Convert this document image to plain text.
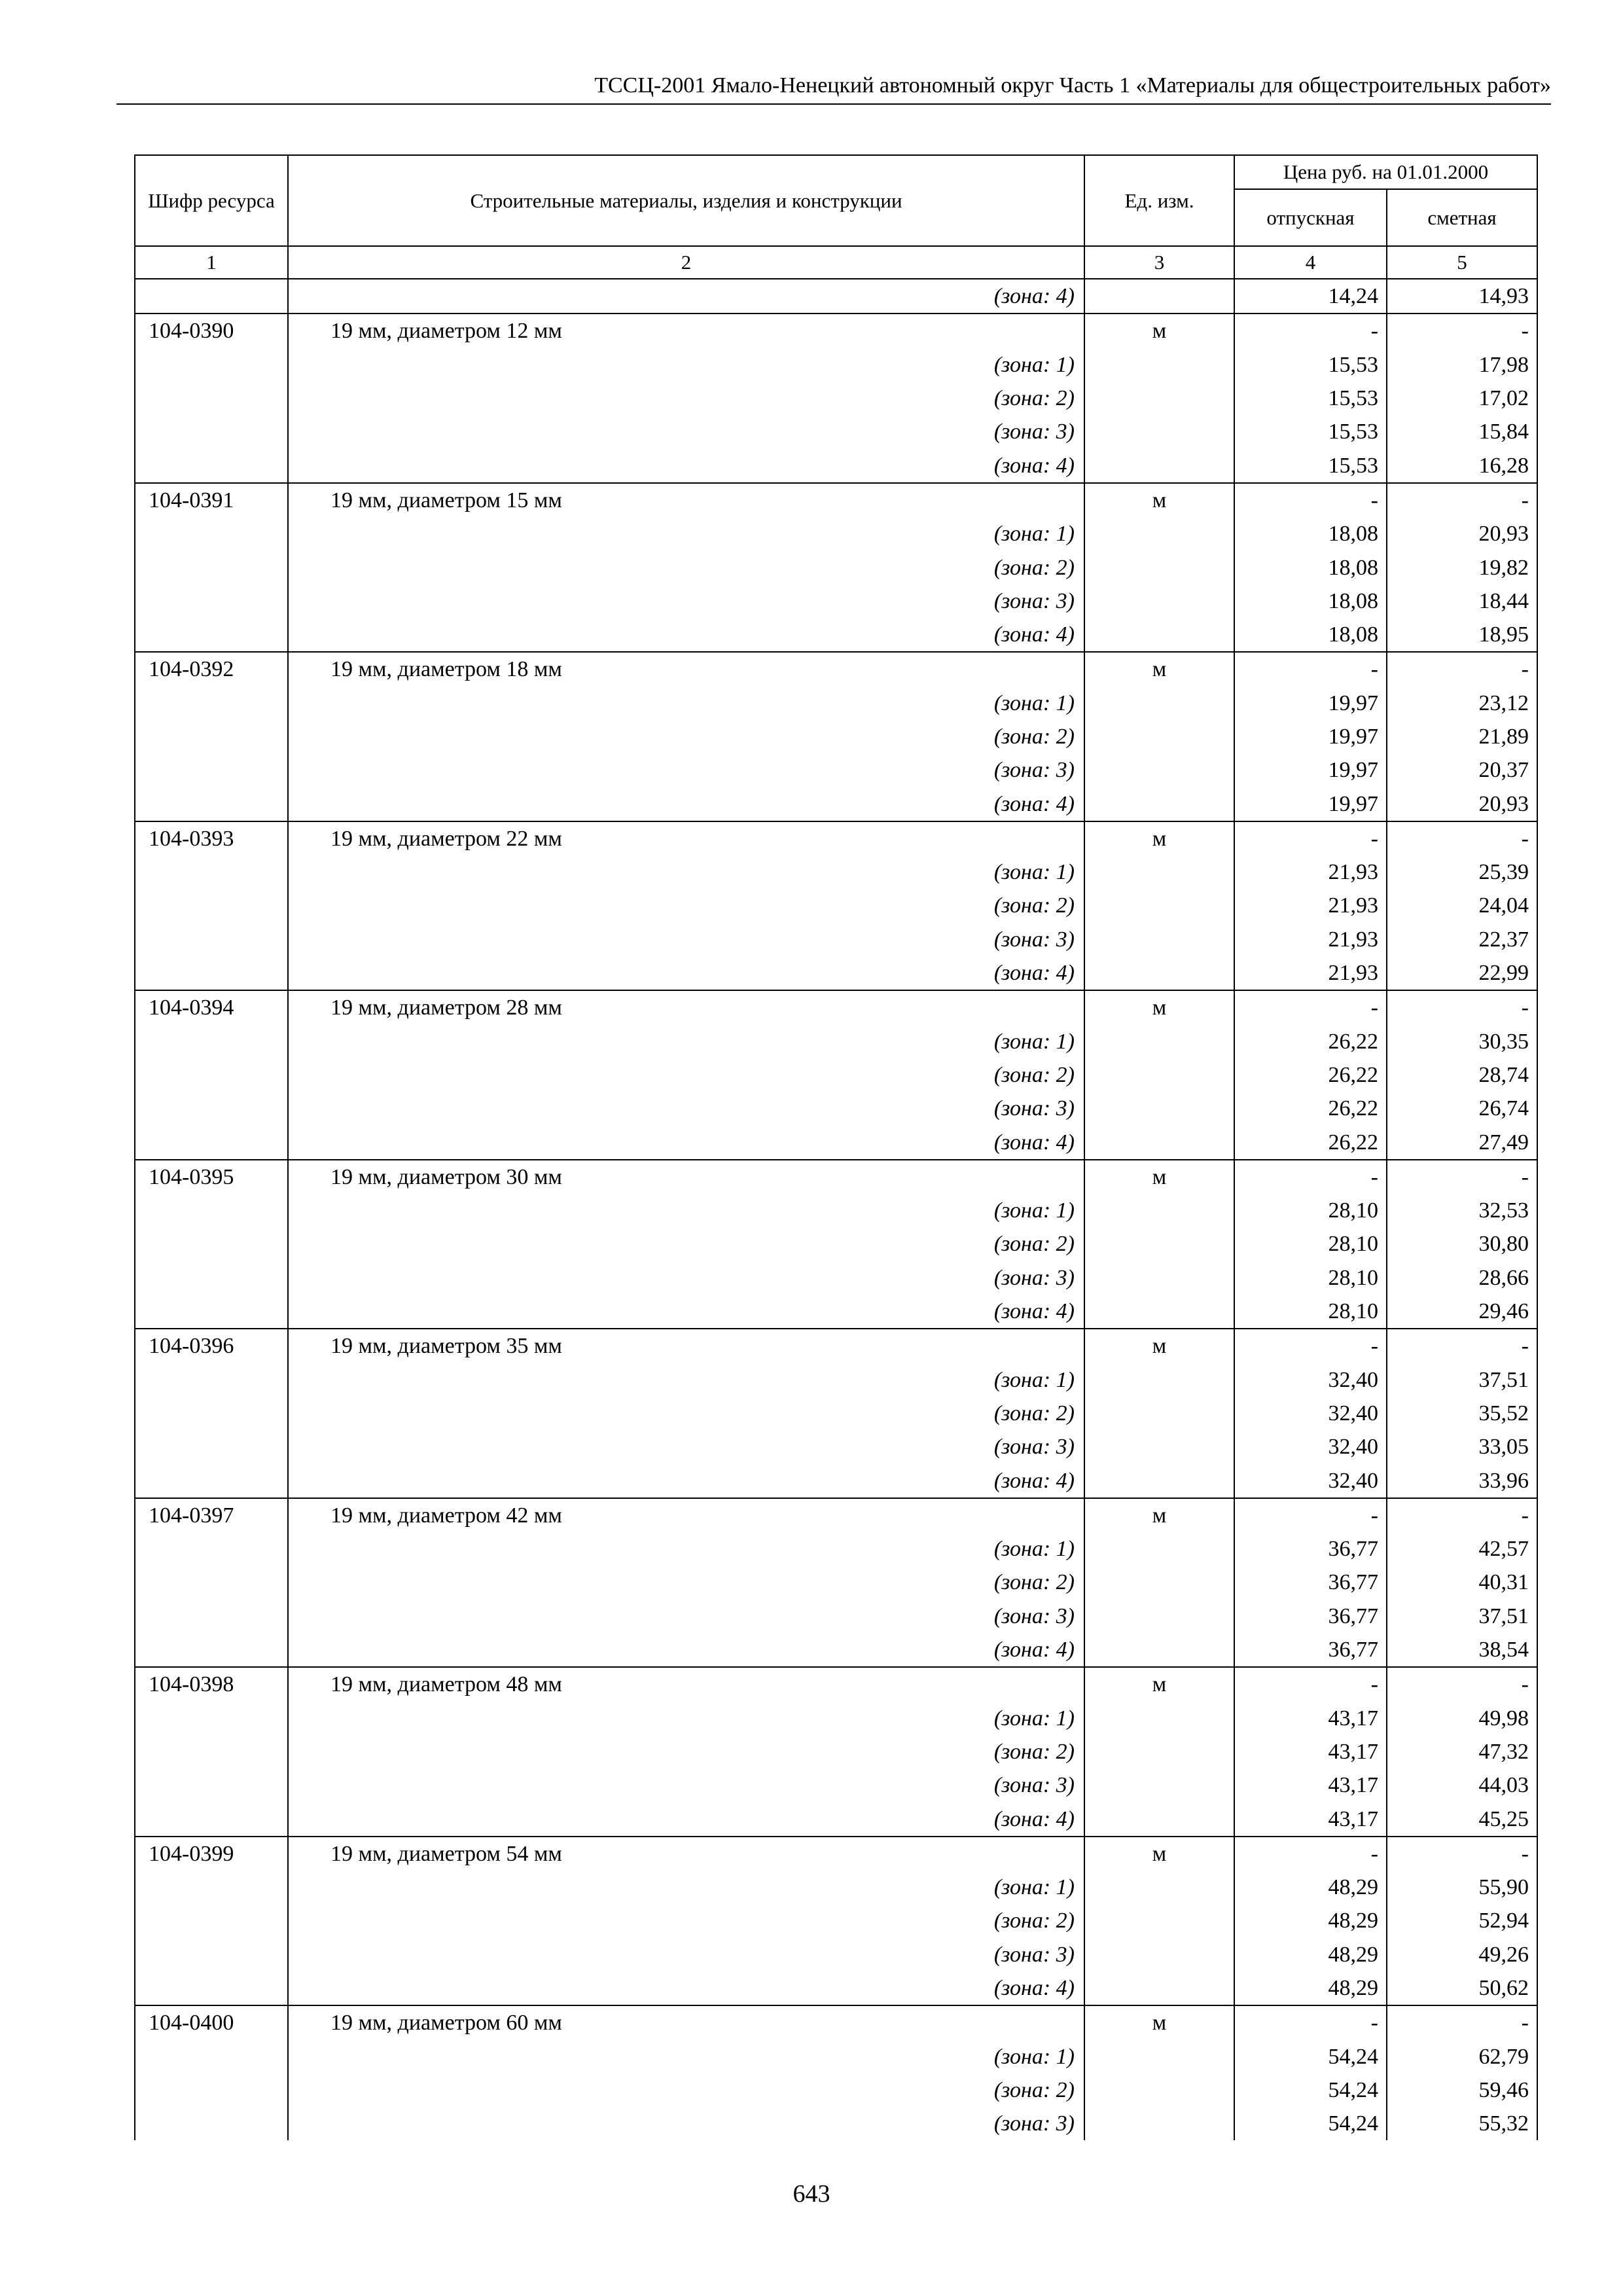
ТССЦ-2001 Ямало-Ненецкий автономный округ Часть 1 «Материалы для общестроительных работ»
Шифр ресурса	Строительные материалы, изделия и конструкции	Ед. изм.	Цена руб. на 01.01.2000	
			отпускная	сметная
1	2	3	4	5
	(зона: 4)		14,24	14,93
104-0390	19 мм, диаметром 12 мм	м	-	-
	(зона: 1)		15,53	17,98
	(зона: 2)		15,53	17,02
	(зона: 3)		15,53	15,84
	(зона: 4)		15,53	16,28
104-0391	19 мм, диаметром 15 мм	м	-	-
	(зона: 1)		18,08	20,93
	(зона: 2)		18,08	19,82
	(зона: 3)		18,08	18,44
	(зона: 4)		18,08	18,95
104-0392	19 мм, диаметром 18 мм	м	-	-
	(зона: 1)		19,97	23,12
	(зона: 2)		19,97	21,89
	(зона: 3)		19,97	20,37
	(зона: 4)		19,97	20,93
104-0393	19 мм, диаметром 22 мм	м	-	-
	(зона: 1)		21,93	25,39
	(зона: 2)		21,93	24,04
	(зона: 3)		21,93	22,37
	(зона: 4)		21,93	22,99
104-0394	19 мм, диаметром 28 мм	м	-	-
	(зона: 1)		26,22	30,35
	(зона: 2)		26,22	28,74
	(зона: 3)		26,22	26,74
	(зона: 4)		26,22	27,49
104-0395	19 мм, диаметром 30 мм	м	-	-
	(зона: 1)		28,10	32,53
	(зона: 2)		28,10	30,80
	(зона: 3)		28,10	28,66
	(зона: 4)		28,10	29,46
104-0396	19 мм, диаметром 35 мм	м	-	-
	(зона: 1)		32,40	37,51
	(зона: 2)		32,40	35,52
	(зона: 3)		32,40	33,05
	(зона: 4)		32,40	33,96
104-0397	19 мм, диаметром 42 мм	м	-	-
	(зона: 1)		36,77	42,57
	(зона: 2)		36,77	40,31
	(зона: 3)		36,77	37,51
	(зона: 4)		36,77	38,54
104-0398	19 мм, диаметром 48 мм	м	-	-
	(зона: 1)		43,17	49,98
	(зона: 2)		43,17	47,32
	(зона: 3)		43,17	44,03
	(зона: 4)		43,17	45,25
104-0399	19 мм, диаметром 54 мм	м	-	-
	(зона: 1)		48,29	55,90
	(зона: 2)		48,29	52,94
	(зона: 3)		48,29	49,26
	(зона: 4)		48,29	50,62
104-0400	19 мм, диаметром 60 мм	м	-	-
	(зона: 1)		54,24	62,79
	(зона: 2)		54,24	59,46
	(зона: 3)		54,24	55,32
643
